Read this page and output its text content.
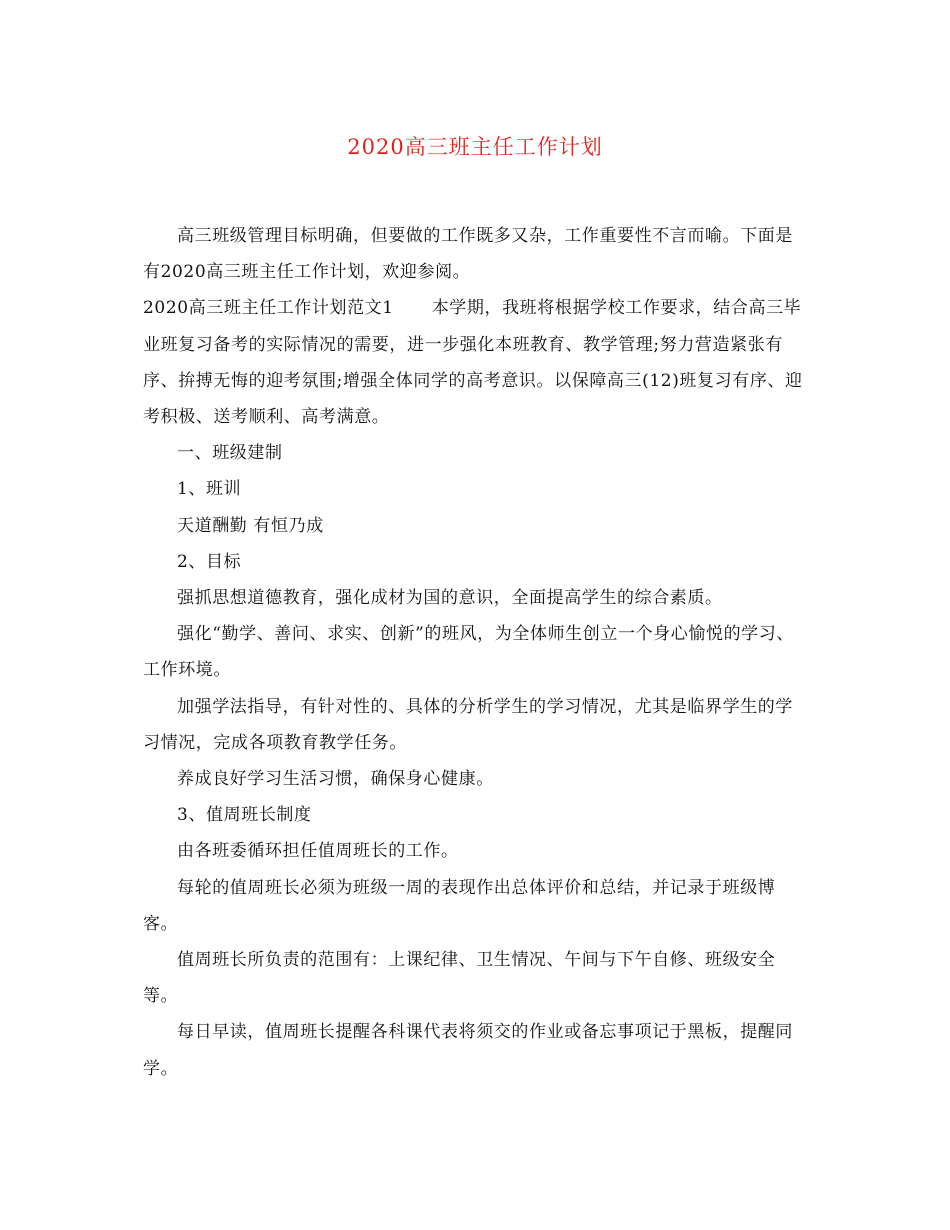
2020高三班主任工作计划

高三班级管理目标明确，但要做的工作既多又杂，工作重要性不言而喻。下面是有2020高三班主任工作计划，欢迎参阅。

2020高三班主任工作计划范文1 本学期，我班将根据学校工作要求，结合高三毕业班复习备考的实际情况的需要，进一步强化本班教育、教学管理;努力营造紧张有序、拚搏无悔的迎考氛围;增强全体同学的高考意识。以保障高三(12)班复习有序、迎考积极、送考顺利、高考满意。

一、班级建制

1、班训

天道酬勤 有恒乃成

2、目标

强抓思想道德教育，强化成材为国的意识，全面提高学生的综合素质。

强化“勤学、善问、求实、创新”的班风，为全体师生创立一个身心愉悦的学习、工作环境。

加强学法指导，有针对性的、具体的分析学生的学习情况，尤其是临界学生的学习情况，完成各项教育教学任务。

养成良好学习生活习惯，确保身心健康。

3、值周班长制度

由各班委循环担任值周班长的工作。

每轮的值周班长必须为班级一周的表现作出总体评价和总结，并记录于班级博客。

值周班长所负责的范围有：上课纪律、卫生情况、午间与下午自修、班级安全等。

每日早读，值周班长提醒各科课代表将须交的作业或备忘事项记于黑板，提醒同学。
